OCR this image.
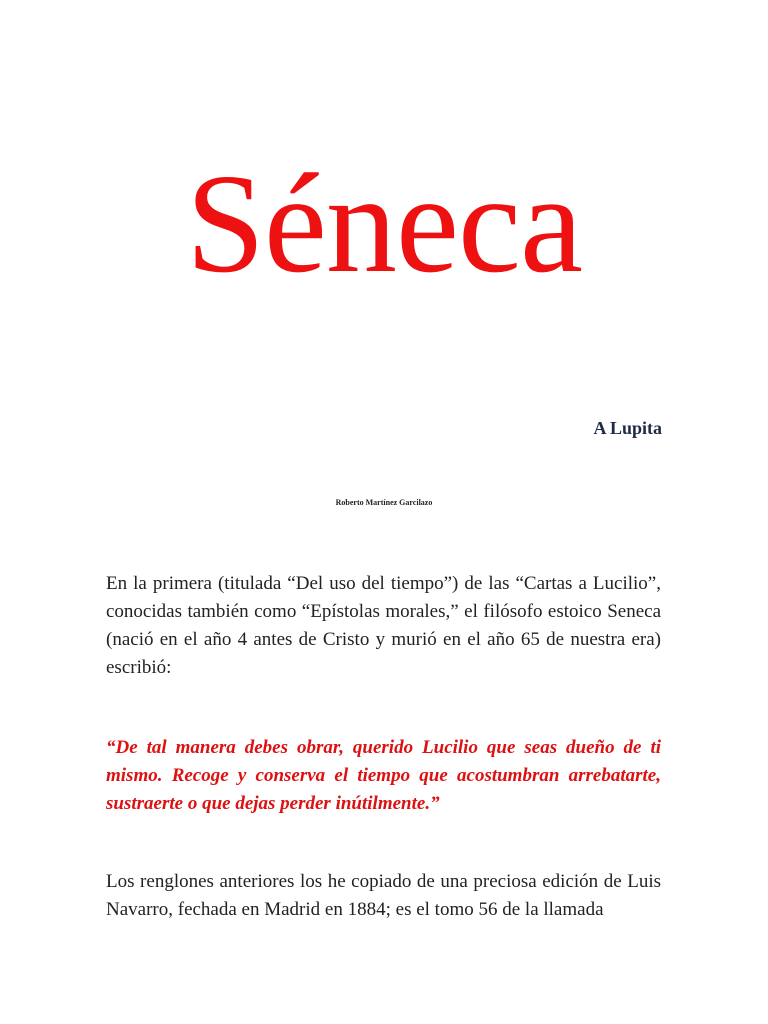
Séneca

A Lupita

Roberto Martínez Garcilazo

En la primera (titulada “Del uso del tiempo”) de las “Cartas a Lucilio”, conocidas también como “Epístolas morales,” el filósofo estoico Seneca (nació en el año 4 antes de Cristo y murió en el año 65 de nuestra era) escribió:

“De tal manera debes obrar, querido Lucilio que seas dueño de ti mismo. Recoge y conserva el tiempo que acostumbran arrebatarte, sustraerte o que dejas perder inútilmente.”

Los renglones anteriores los he copiado de una preciosa edición de Luis Navarro, fechada en Madrid en 1884; es el tomo 56 de la llamada
